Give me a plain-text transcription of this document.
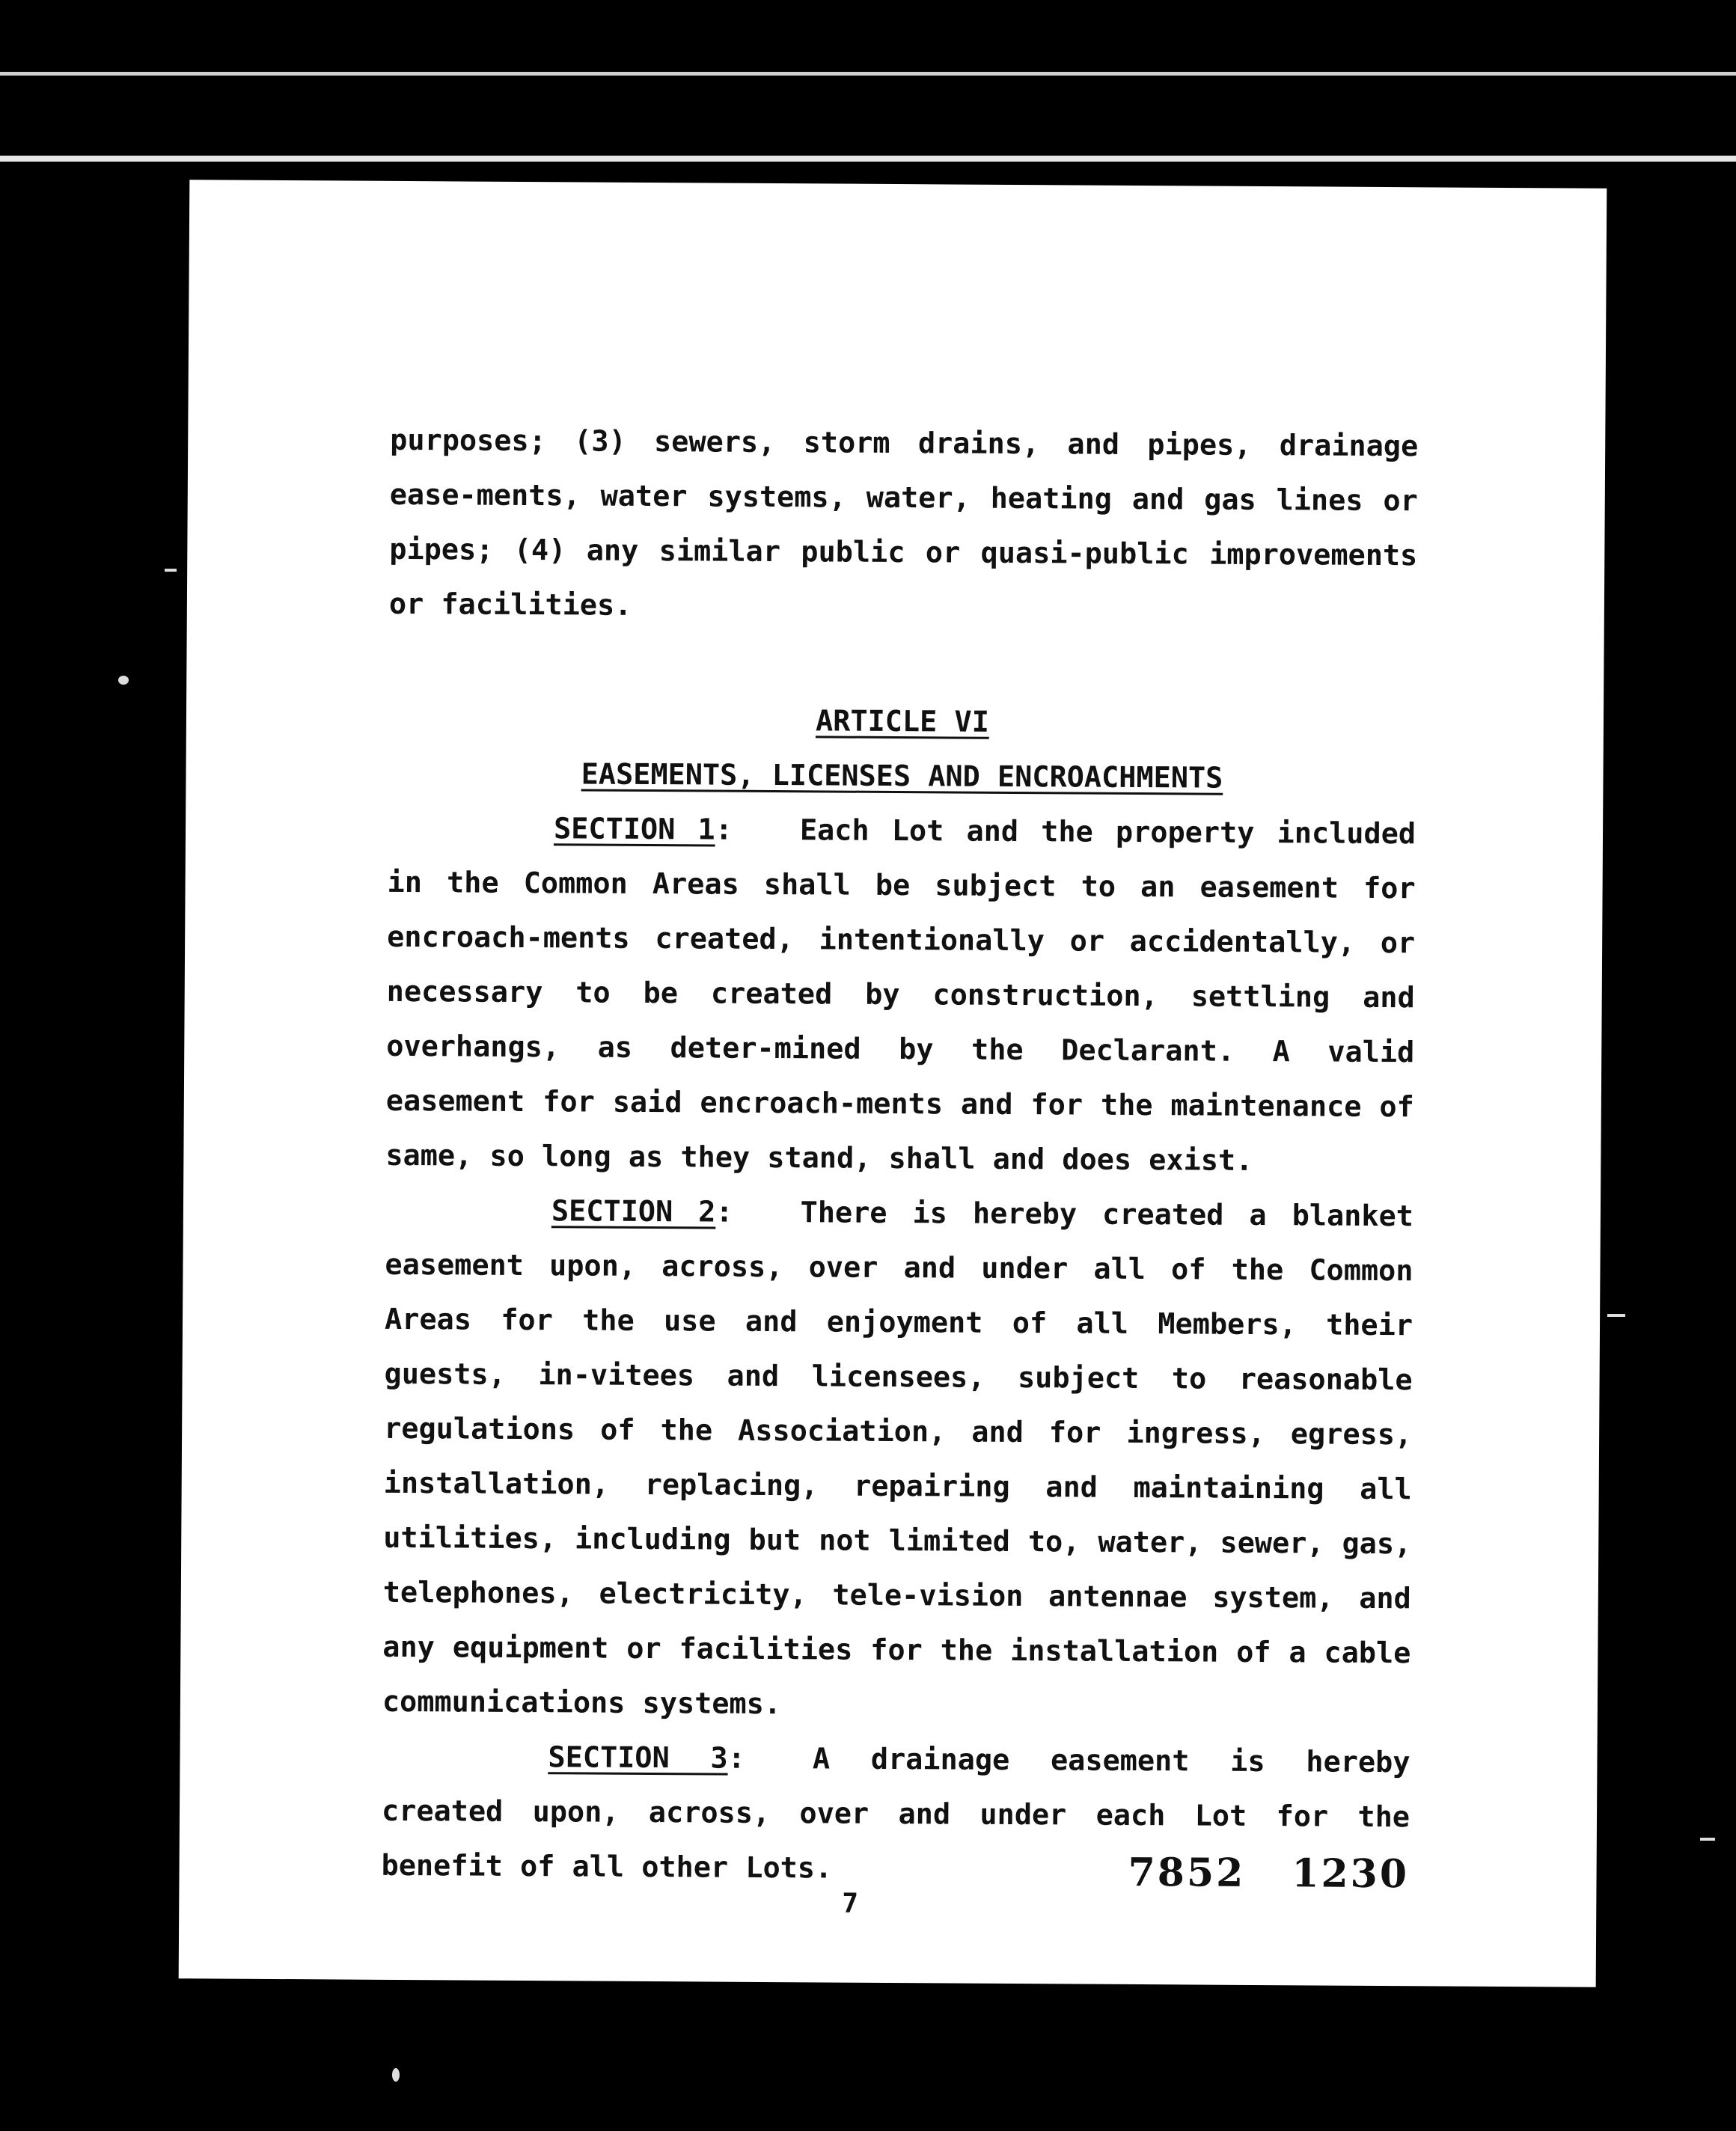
purposes; (3) sewers, storm drains, and pipes, drainage ease-ments, water systems, water, heating and gas lines or pipes; (4) any similar public or quasi-public improvements or facilities.

ARTICLE VI

EASEMENTS, LICENSES AND ENCROACHMENTS

SECTION 1: Each Lot and the property included in the Common Areas shall be subject to an easement for encroach-ments created, intentionally or accidentally, or necessary to be created by construction, settling and overhangs, as deter-mined by the Declarant. A valid easement for said encroach-ments and for the maintenance of same, so long as they stand, shall and does exist.

SECTION 2: There is hereby created a blanket easement upon, across, over and under all of the Common Areas for the use and enjoyment of all Members, their guests, in-vitees and licensees, subject to reasonable regulations of the Association, and for ingress, egress, installation, replacing, repairing and maintaining all utilities, including but not limited to, water, sewer, gas, telephones, electricity, tele-vision antennae system, and any equipment or facilities for the installation of a cable communications systems.

SECTION 3: A drainage easement is hereby created upon, across, over and under each Lot for the benefit of all other Lots.	7852 1230
7
